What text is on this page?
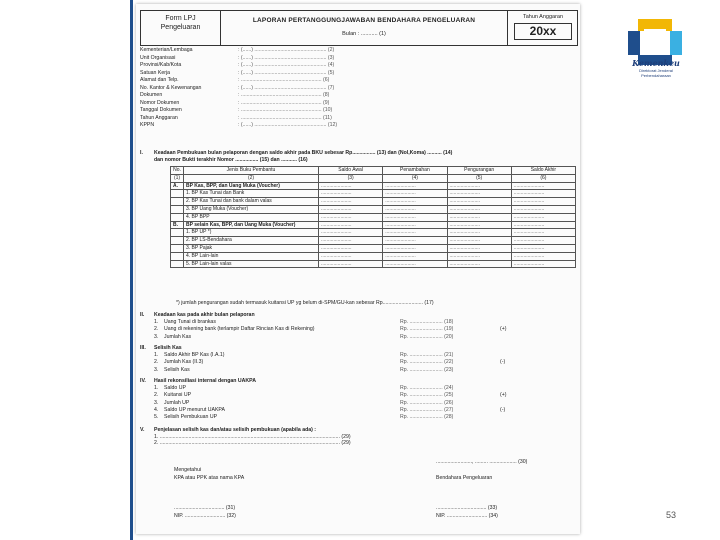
Form LPJ
Pengeluaran
LAPORAN PERTANGGUNGJAWABAN BENDAHARA PENGELUARAN
Bulan : ........... (1)
Tahun Anggaran
20xx
Kementerian/Lembaga	: (......) .................................................. (2)
Unit Organisasi	: (......) .................................................. (3)
Provinsi/Kab/Kota	: (......) .................................................. (4)
Satuan Kerja	: (......) .................................................. (5)
Alamat dan Telp.	: ........................................................ (6)
No. Kantor & Kewenangan	: (......) .................................................. (7)
Dokumen	: ........................................................ (8)
Nomor Dokumen	: ........................................................ (9)
Tanggal Dokumen	: ........................................................ (10)
Tahun Anggaran	: ........................................................ (11)
KPPN	: (......) .................................................. (12)
I.	Keadaan Pembukuan bulan pelaporan dengan saldo akhir pada BKU sebesar Rp................ (13) dan (Nol,Koma) .......... (14)
dan nomor Bukti terakhir Nomor ................ (15) dan ........... (16)
No.	Jenis Buku Pembantu	Saldo Awal	Penambahan	Pengurangan	Saldo Akhir
(1)	(2)	(3)	(4)	(5)	(6)
A.	BP Kas, BPP, dan Uang Muka (Voucher)	......................	......................	......................	......................
	1. BP Kas Tunai dan Bank	......................	......................	......................	......................
	2. BP Kas Tunai dan bank dalam valas	......................	......................	......................	......................
	3. BP Uang Muka (Voucher)	......................	......................	......................	......................
	4. BP BPP	......................	......................	......................	......................
B.	BP selain Kas, BPP, dan Uang Muka (Voucher)	......................	......................	......................	......................
	1. BP UP *)	......................	......................	......................	......................
	2. BP LS-Bendahara	......................	......................	......................	......................
	3. BP Pajak	......................	......................	......................	......................
	4. BP Lain-lain	......................	......................	......................	......................
	5. BP Lain-lain valas	......................	......................	......................	......................
*) jumlah pengurangan sudah termasuk kuitansi UP yg belum di-SPM/GU-kan sebesar Rp............................ (17)
II.	Keadaan kas pada akhir bulan pelaporan
1.	Uang Tunai di brankas	Rp. ....................... (18)
2.	Uang di rekening bank (terlampir Daftar Rincian Kas di Rekening)	Rp. ....................... (19)	(+)
3.	Jumlah Kas	Rp. ....................... (20)
III.	Selisih Kas
1.	Saldo Akhir BP Kas (I.A.1)	Rp. ....................... (21)
2.	Jumlah Kas (II.3)	Rp. ....................... (22)	(-)
3.	Selisih Kas	Rp. ....................... (23)
IV.	Hasil rekonsiliasi internal dengan UAKPA
1.	Saldo UP	Rp. ....................... (24)
2.	Kuitansi UP	Rp. ....................... (25)	(+)
3.	Jumlah UP	Rp. ....................... (26)
4.	Saldo UP menurut UAKPA	Rp. ....................... (27)	(-)
5.	Selisih Pembukuan UP	Rp. ....................... (28)
V.	Penjelasan selisih kas dan/atau selisih pembukuan (apabila ada) :
1. ............................................................................................................................. (29)
2. ............................................................................................................................. (29)
........................., ......... ................... (30)
Mengetahui
KPA atau PPK atas nama KPA	Bendahara Pengeluaran
................................... (31)
NIP. ............................ (32)
................................... (33)
NIP. ............................ (34)
Kemenkeu
Direktorat Jenderal Perbendaharaan
53
